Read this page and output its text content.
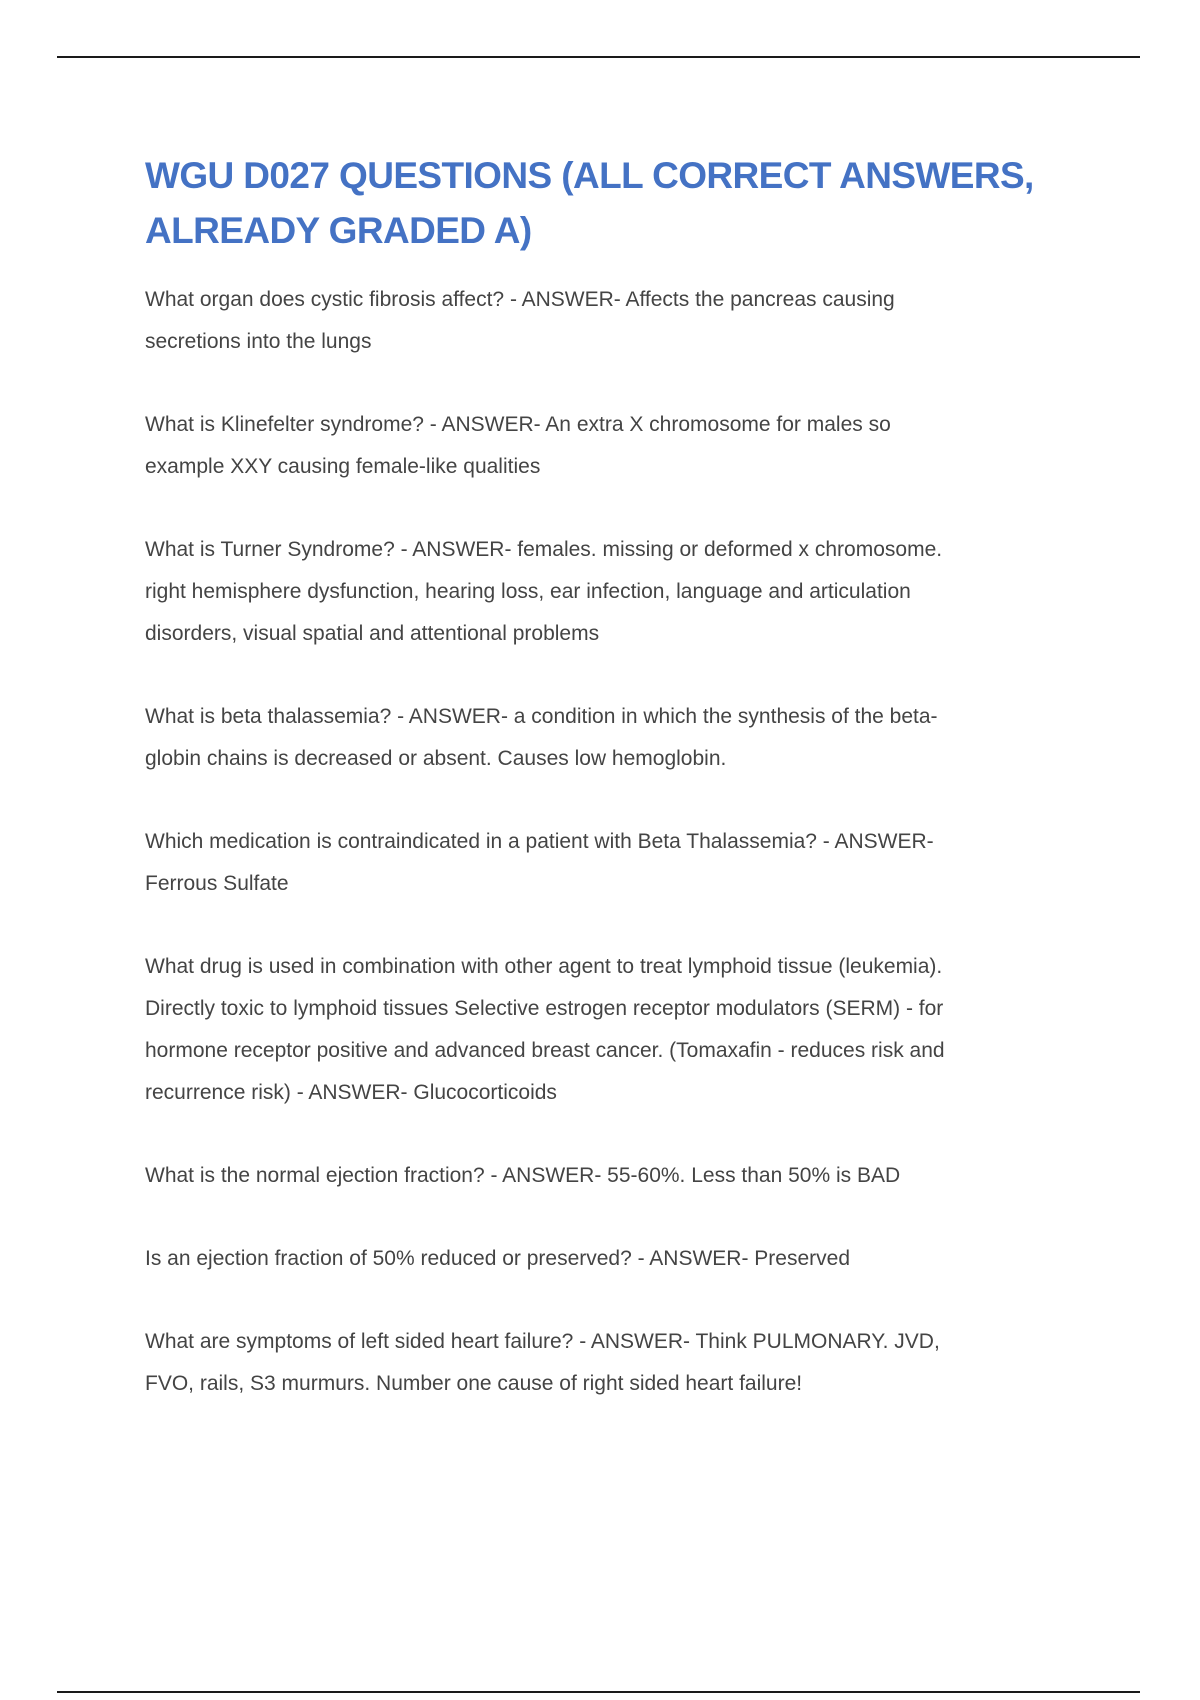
WGU D027 QUESTIONS (ALL CORRECT ANSWERS,
ALREADY GRADED A)

What organ does cystic fibrosis affect? - ANSWER- Affects the pancreas causing
secretions into the lungs

What is Klinefelter syndrome? - ANSWER- An extra X chromosome for males so
example XXY causing female-like qualities

What is Turner Syndrome? - ANSWER- females. missing or deformed x chromosome.
right hemisphere dysfunction, hearing loss, ear infection, language and articulation
disorders, visual spatial and attentional problems

What is beta thalassemia? - ANSWER- a condition in which the synthesis of the beta-
globin chains is decreased or absent. Causes low hemoglobin.

Which medication is contraindicated in a patient with Beta Thalassemia? - ANSWER-
Ferrous Sulfate

What drug is used in combination with other agent to treat lymphoid tissue (leukemia).
Directly toxic to lymphoid tissues Selective estrogen receptor modulators (SERM) - for
hormone receptor positive and advanced breast cancer. (Tomaxafin - reduces risk and
recurrence risk) - ANSWER- Glucocorticoids

What is the normal ejection fraction? - ANSWER- 55-60%. Less than 50% is BAD

Is an ejection fraction of 50% reduced or preserved? - ANSWER- Preserved

What are symptoms of left sided heart failure? - ANSWER- Think PULMONARY. JVD,
FVO, rails, S3 murmurs. Number one cause of right sided heart failure!
